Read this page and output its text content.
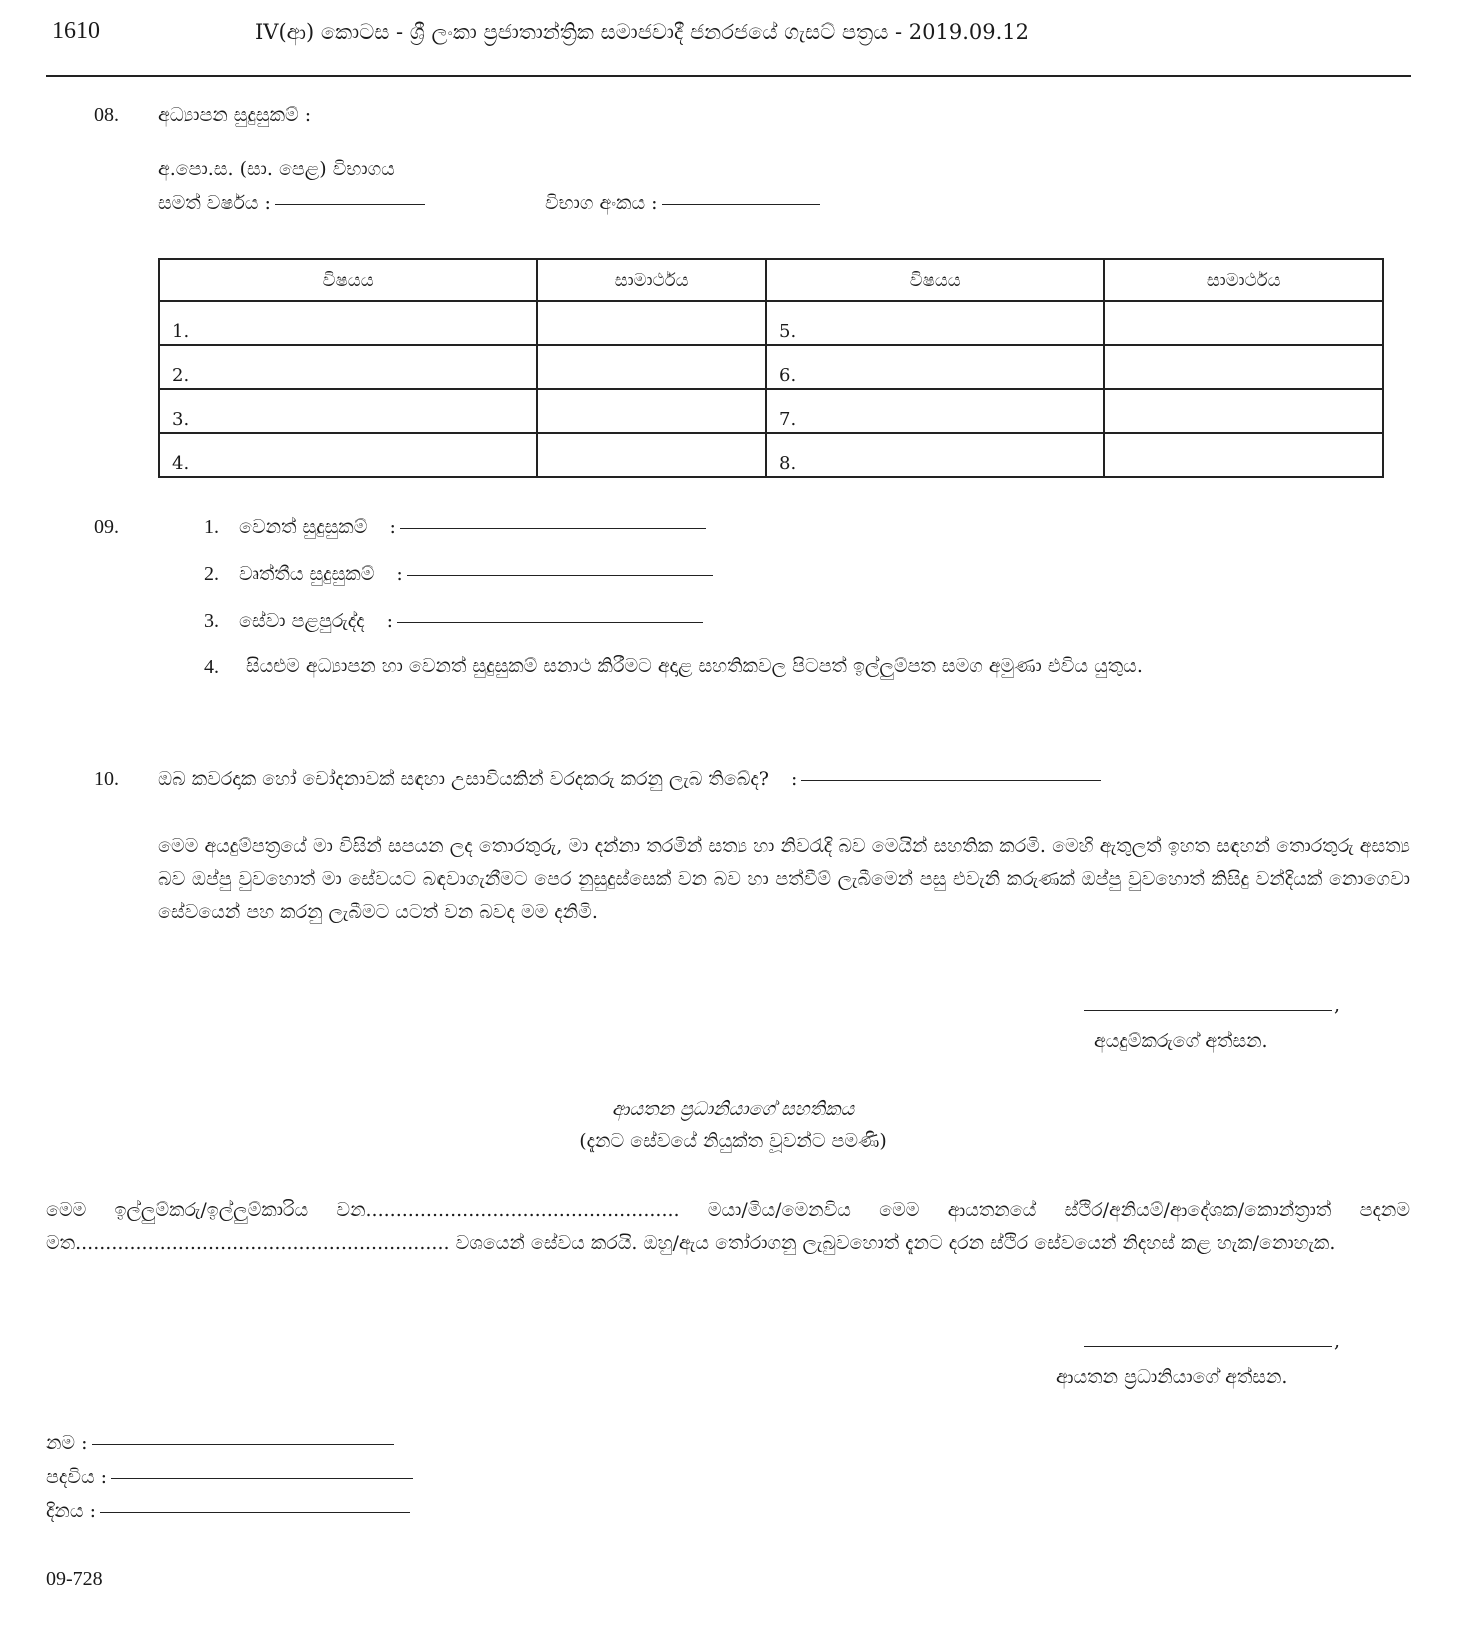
1610	IV(ආ) කොටස - ශ්‍රී ලංකා ප්‍රජාතාන්ත්‍රික සමාජවාදී ජනරජයේ ගැසට් පත්‍රය - 2019.09.12
08. අධ්‍යාපන සුදුසුකම් :
අ.පො.ස. (සා. පෙළ) විභාගය
සමත් වර්ෂය :	විභාග අංකය :
විෂයය	සාමාර්ථය	විෂයය	සාමාර්ථය
1.		5.	
2.		6.	
3.		7.	
4.		8.	
09.	1. වෙනත් සුදුසුකම් :
2. වෘත්තීය සුදුසුකම් :
3. සේවා පළපුරුද්ද :
4. සියළුම අධ්‍යාපන හා වෙනත් සුදුසුකම් සනාථ කිරීමට අදාළ සහතිකවල පිටපත් ඉල්ලුම්පත සමග අමුණා එවිය යුතුය.
10. ඔබ කවරදාක හෝ චෝදනාවක් සඳහා උසාවියකින් වරදකරු කරනු ලැබ තිබේද? :
මෙම අයදුම්පත්‍රයේ මා විසින් සපයන ලද තොරතුරු, මා දන්නා තරමින් සත්‍ය හා නිවරැදි බව මෙයින් සහතික කරමි. මෙහි ඇතුලත් ඉහත සඳහන් තොරතුරු අසත්‍ය බව ඔප්පු වුවහොත් මා සේවයට බඳවාගැනීමට පෙර නුසුදුස්සෙක් වන බව හා පත්වීම් ලැබීමෙන් පසු එවැනි කරුණක් ඔප්පු වුවහොත් කිසිදු වන්දියක් නොගෙවා සේවයෙන් පහ කරනු ලැබීමට යටත් වන බවද මම දනිමි.
,
අයදුම්කරුගේ අත්සන.
ආයතන ප්‍රධානියාගේ සහතිකය
(දැනට සේවයේ නියුක්ත වූවන්ට පමණි)
මෙම ඉල්ලුම්කරු/ඉල්ලුම්කාරිය වන.................................................... මයා/මිය/මෙනවිය මෙම ආයතනයේ ස්ථිර/අනියම්/ආදේශක/කොන්ත්‍රාත් පදනම මත.............................................................. වශයෙන් සේවය කරයි. ඔහු/ඇය තෝරාගනු ලැබුවහොත් දැනට දරන ස්ථිර සේවයෙන් නිදහස් කළ හැක/නොහැක.
,
ආයතන ප්‍රධානියාගේ අත්සන.
නම :
පදවිය :
දිනය :
09-728
